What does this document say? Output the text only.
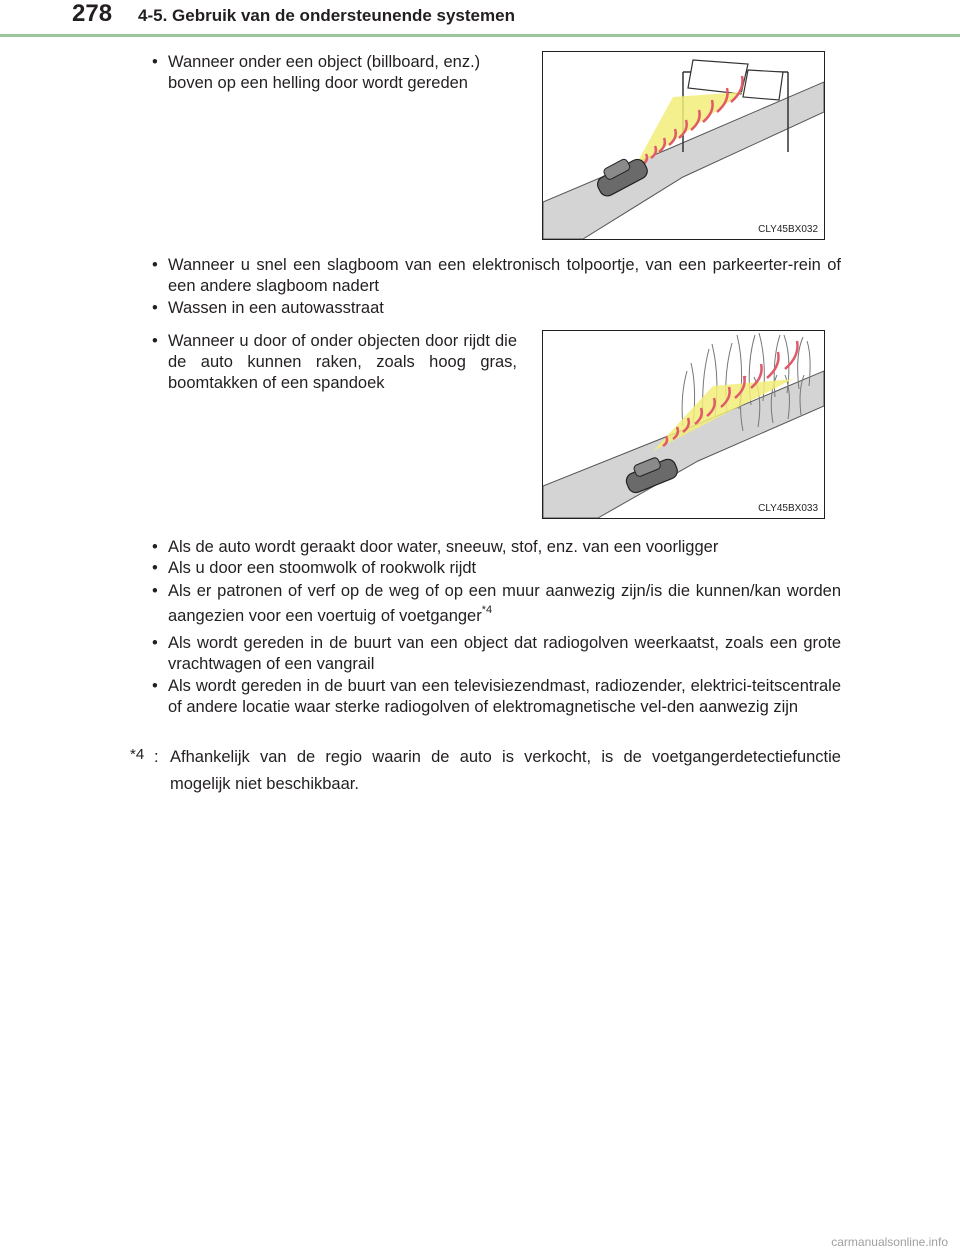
278 4-5. Gebruik van de ondersteunende systemen
• Wanneer onder een object (billboard, enz.) boven op een helling door wordt gereden
CLY45BX032
• Wanneer u snel een slagboom van een elektronisch tolpoortje, van een parkeerter-rein of een andere slagboom nadert
• Wassen in een autowasstraat
• Wanneer u door of onder objecten door rijdt die de auto kunnen raken, zoals hoog gras, boomtakken of een spandoek
CLY45BX033
• Als de auto wordt geraakt door water, sneeuw, stof, enz. van een voorligger
• Als u door een stoomwolk of rookwolk rijdt
• Als er patronen of verf op de weg of op een muur aanwezig zijn/is die kunnen/kan worden aangezien voor een voertuig of voetganger$^{*4}$
• Als wordt gereden in de buurt van een object dat radiogolven weerkaatst, zoals een grote vrachtwagen of een vangrail
• Als wordt gereden in de buurt van een televisiezendmast, radiozender, elektrici-teitscentrale of andere locatie waar sterke radiogolven of elektromagnetische vel-den aanwezig zijn
*4 : Afhankelijk van de regio waarin de auto is verkocht, is de voetgangerdetectiefunctie mogelijk niet beschikbaar.
carmanualsonline.info
